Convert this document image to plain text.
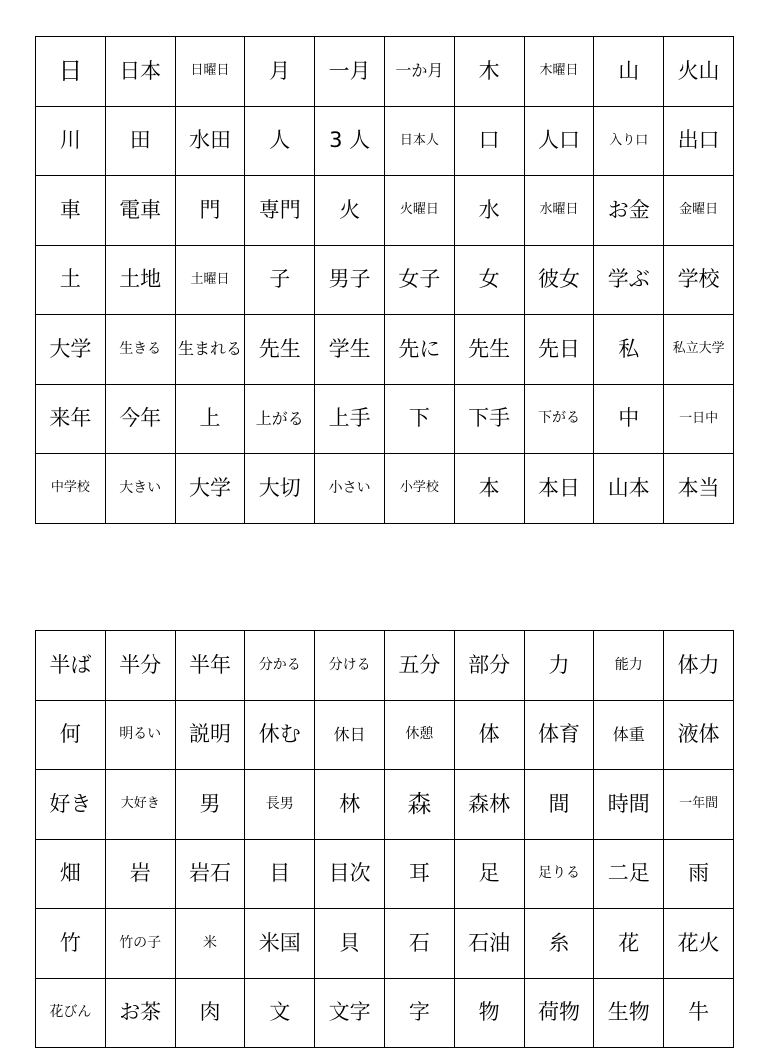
日	日本	日曜日	月	一月	一か月	木	木曜日	山	火山
川	田	水田	人	3 人	日本人	口	人口	入り口	出口
車	電車	門	専門	火	火曜日	水	水曜日	お金	金曜日
土	土地	土曜日	子	男子	女子	女	彼女	学ぶ	学校
大学	生きる	生まれる	先生	学生	先に	先生	先日	私	私立大学
来年	今年	上	上がる	上手	下	下手	下がる	中	一日中
中学校	大きい	大学	大切	小さい	小学校	本	本日	山本	本当
半ば	半分	半年	分かる	分ける	五分	部分	力	能力	体力
何	明るい	説明	休む	休日	休憩	体	体育	体重	液体
好き	大好き	男	長男	林	森	森林	間	時間	一年間
畑	岩	岩石	目	目次	耳	足	足りる	二足	雨
竹	竹の子	米	米国	貝	石	石油	糸	花	花火
花びん	お茶	肉	文	文字	字	物	荷物	生物	牛
